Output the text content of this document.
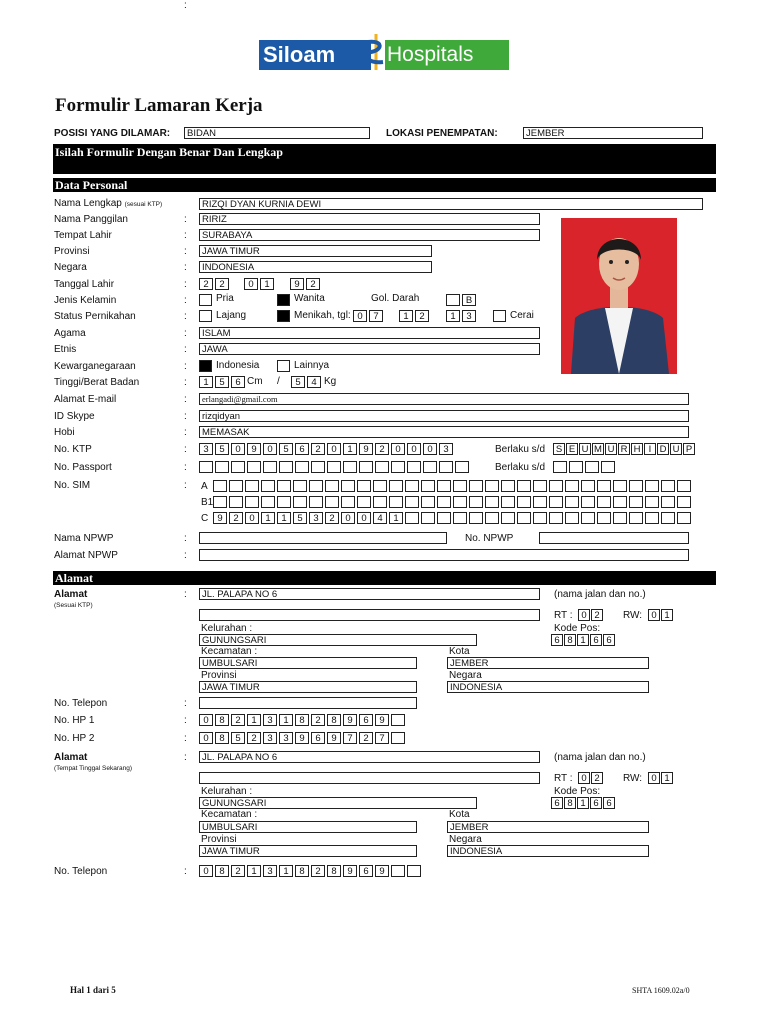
Siloam Hospitals
Formulir Lamaran Kerja
POSISI YANG DILAMAR:	BIDAN	LOKASI PENEMPATAN:	JEMBER
Isilah Formulir Dengan Benar Dan Lengkap
Data Personal
Nama Lengkap (sesuai KTP)
:
RIZQI DYAN KURNIA DEWI
Nama Panggilan	:	RIRIZ
Tempat Lahir	:	SURABAYA
Provinsi	:	JAWA TIMUR
Negara	:	INDONESIA
Tanggal Lahir	:	2	2	0	1	9	2
Jenis Kelamin	:	Pria	Wanita	Gol. Darah	B
Status Pernikahan	:	Lajang	Menikah, tgl: 0	7	1	2	1	3	Cerai
Agama	:	ISLAM
Etnis	:	JAWA
Kewarganegaraan	:	Indonesia	Lainnya
Tinggi/Berat Badan	:	1	5	6 Cm /	5	4 Kg
Alamat E-mail	:	erlangadi@gmail.com
ID Skype	:	rizqidyan
Hobi	:	MEMASAK
No. KTP	:	3	5	0	9	0	5	6	2	0	1	9	2	0	0	0	3	Berlaku s/d S E U M U R H I D U P
No. Passport	:	Berlaku s/d
No. SIM	: A
B1
C 9	2	0	1	1	5	3	2	0	0	4	1
Nama NPWP	:	No. NPWP
Alamat NPWP	:
Alamat
Alamat
(Sesuai KTP)
:	JL. PALAPA NO 6	(nama jalan dan no.)
RT : 0 2	RW: 0 1
Kelurahan :	Kode Pos:
GUNUNGSARI	6 8 1 6 6
Kecamatan :	Kota
UMBULSARI	JEMBER
Provinsi	Negara
JAWA TIMUR	INDONESIA
No. Telepon	:
No. HP 1	:	0	8	2	1	3	1	8	2	8	9	6	9
No. HP 2	:	0	8	5	2	3	3	9	6	9	7	2	7
Alamat
(Tempat Tinggal Sekarang)
:	JL. PALAPA NO 6	(nama jalan dan no.)
RT : 0 2	RW: 0 1
Kelurahan :	Kode Pos:
GUNUNGSARI	6 8 1 6 6
Kecamatan :	Kota
UMBULSARI	JEMBER
Provinsi	Negara
JAWA TIMUR	INDONESIA
No. Telepon	:	0	8	2	1	3	1	8	2	8	9	6	9
Hal 1 dari 5	SHTA 1609.02a/0
